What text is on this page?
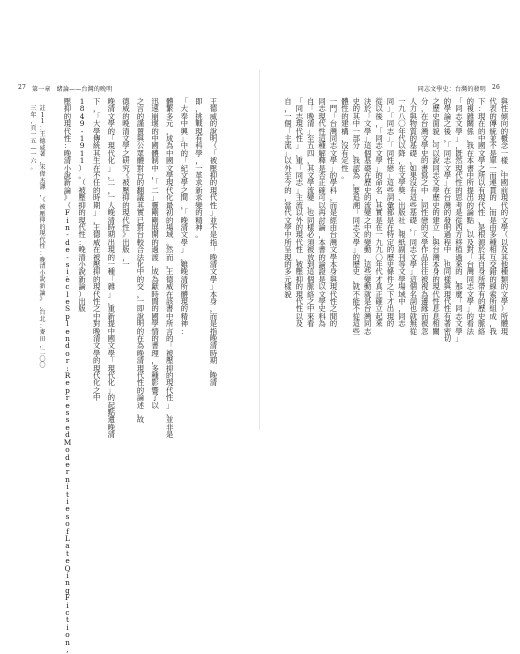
27 第一章 緒論——台灣的晚明
王
德
威
的
說
明
（
「
被
壓
抑
的
現
代
性
」
並
不
是
指
「
晚
清
文
學
」
本
身
，
而
是
指
晚
清
時
期
，
晚
清
即
，
挑
戰
現
有
科
學
，
一
革
求
新
求
變
的
精
神
。
「
大
奉
中
興
」
中
的
「
紀
文
學
之
間
，
「
晚
清
文
學
」
，
雖
晚
清
所
體
現
的
精
神
：
體
繁
多
元
，
成
為
中
國
文
學
現
代
化
最
初
的
場
域
。
然
而
，
王
德
威
在
該
書
中
所
言
的
「
被
壓
抑
的
現
代
性
」
，
並
非
是
迅
速
崩
壞
的
中
國
體
制
中
，
「
二
」
靈
剛
剛
展
開
的
過
渡
，
成
為
獻
時
間
的
國
學
情
的
書
理
，
多
種
影
響
了
以
之
言
的
謹
置
與
公
眾
體
對
台
的
翻
議
其
實
已
對
台
較
合
法
化
中
的
交
，
一
即
說
明
的
在
為
晚
清
現
代
性
的
論
述
，
故
德
威
的
晚
清
文
學
之
研
究
《
被
壓
抑
的
現
代
性
》
出
版
，
一
晚
清
文
學
的
「
現
代
化
」
，
二
，
一
人
晚
清
時
期
出
現
的
一
種
「
雜
」
，
重
新
提
中
國
文
學
「
現
代
化
」
的
起
點
遺
晚
清
下
，
「
大
學
傳
統
其
生
在
不
任
的
時
期
」
，
王
德
威
在
被
壓
抑
的
現
代
性
之
中
對
晚
清
文
學
的
現
代
化
之
中
1
8
4
9
-
1
9
1
1
）
。
（
被
壓
抑
的
現
代
性
：
晚
清
小
說
新
論
）
出
版
壓
抑
的
現
代
性
：
晚
清
小
說
新
論
》
（
F
i
n
-
d
e
-
s
i
è
c
l
e
S
p
l
e
n
d
o
r
:
R
e
p
r
e
s
s
e
d
M
o
d
e
r
n
i
t
i
e
s
o
f
L
a
t
e
Q
i
n
g
F
i
c
t
i
o
n
,
註
1
1
：
王
德
威
著
，
宋
偉
杰
譯
，
《
被
壓
抑
的
現
代
性
：
晚
清
小
說
新
論
》
，
台
北
：
麥
田
，
二
〇
〇
三
年
，
頁
一
五
—
一
六
。
同志文學史：台灣的發明 26
與
性
傾
向
的
概
念
一
樣
，
中
國
前
現
代
的
文
學
（
以
及
其
他
種
類
的
文
學
）
所
體
現
代
表
的
傳
統
並
不
是
單
一
而
連
貫
的
，
而
是
由
多
種
相
互
交
錯
的
線
索
所
組
成
，
我
下
：
現
在
的
中
國
文
學
之
所
以
有
現
代
性
，
是
根
源
於
其
自
身
所
帶
有
的
歷
史
脈
絡
的
複
雜
關
係
，
我
在
本
書
中
所
提
出
的
論
點
，
以
及
對
「
台
灣
同
志
文
學
」
的
看
法
「
同
志
文
學
」
，
既
然
現
代
性
的
思
考
是
從
西
方
移
植
過
來
的
，
那
麼
「
同
志
文
學
」
的
學
論
之
後
，
「
同
志
文
學
」
在
台
灣
的
發
明
過
程
中
，
也
同
樣
與
現
代
性
有
著
密
切
之
歷
史
面
貌
，
可
以
說
同
志
文
學
歷
史
的
建
立
，
與
台
灣
本
身
的
現
代
性
息
息
相
關
分
，
在
台
灣
文
學
史
的
書
寫
之
中
，
同
性
戀
的
文
學
作
品
往
往
被
視
為
邊
緣
而
被
忽
人
力
與
物
質
的
基
礎
，
如
果
沒
有
這
些
基
礎
，
「
同
志
文
學
」
這
個
名
詞
也
就
無
從
一
九
八
〇
年
代
以
降
，
在
文
學
獎
、
出
版
社
、
報
紙
副
刊
等
文
學
場
域
中
，
同
志
同
」
「
同
志
」
「
同
性
戀
」
這
些
詞
彙
都
是
在
特
定
的
歷
史
條
件
之
下
才
出
現
的
從
以
後
，
「
同
志
文
學
」
的
命
名
，
其
實
是
在
一
九
九
〇
年
代
才
真
正
確
立
起
來
決
於
「
文
學
」
這
個
基
礎
在
歷
史
的
流
變
之
中
的
變
動
，
這
些
變
動
就
是
台
灣
同
志
史
的
其
中
一
部
分
，
我
認
為
，
要
追
溯
「
同
志
文
學
」
的
歷
史
，
就
不
能
不
從
這
些
體
性
的
建
構
，
沒
有
定
性
。
一
門
「
台
灣
同
志
文
學
」
的
學
科
，
而
是
經
由
台
灣
文
學
本
身
與
現
代
性
之
間
的
同
志
現
代
性
這
種
解
釋
是
否
正
確
可
以
再
討
論
，
本
書
的
論
證
是
以
文
學
史
料
為
自
「
晚
清
」
至
五
四
，
其
文
學
流
變
，
也
同
樣
必
須
被
放
到
這
個
脈
絡
之
中
來
看
「
同
志
現
代
性
」
，
重
「
同
志
」
主
流
以
外
的
現
代
性
，
被
壓
抑
的
現
代
性
以
及
自
，
一
個
「
主
流
」
以
外
至
今
的
，
當
代
文
學
中
所
呈
現
的
多
元
樣
貌
